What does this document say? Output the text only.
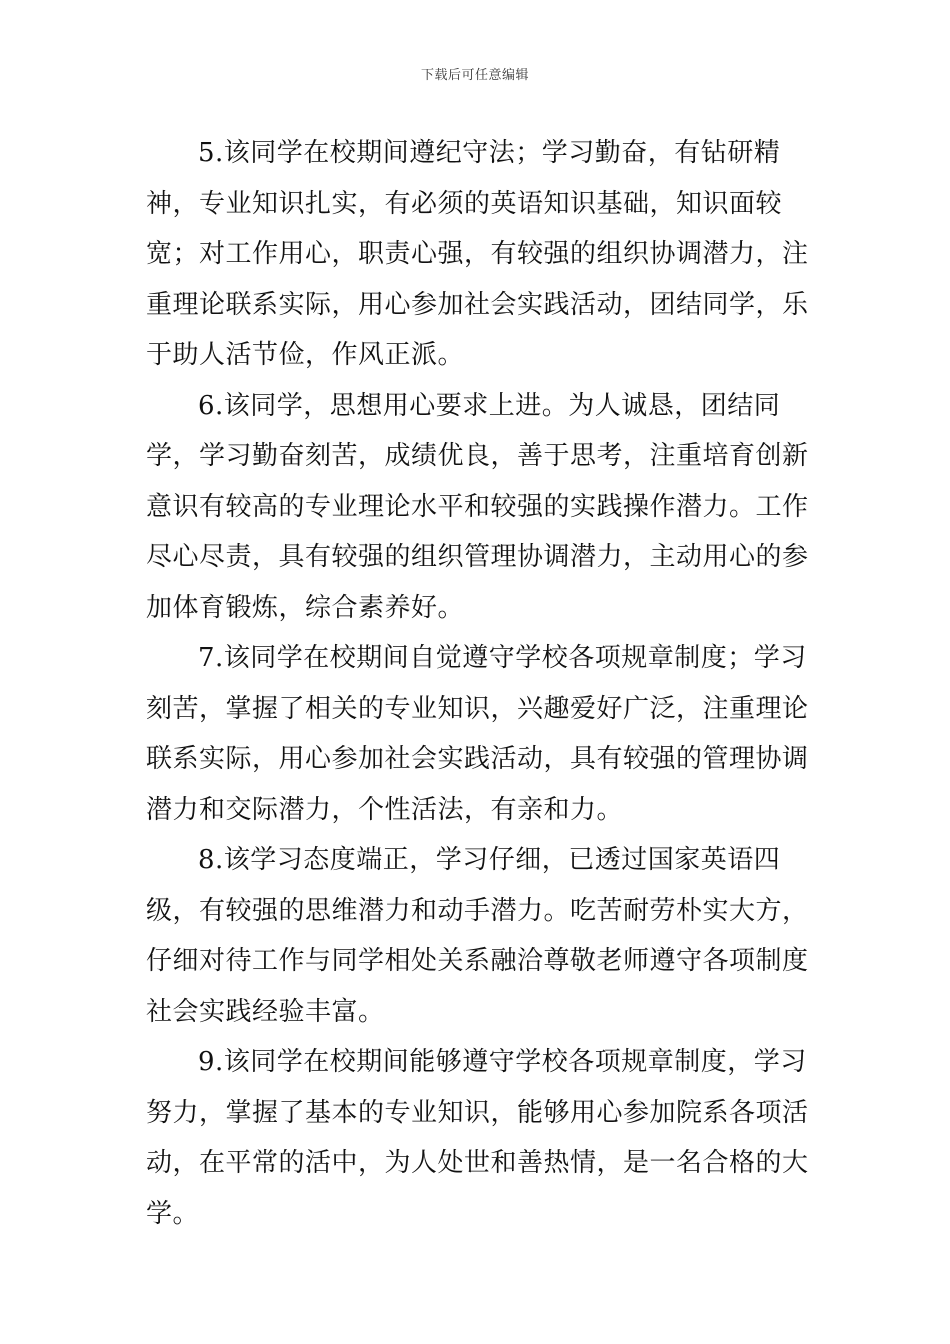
下载后可任意编辑

5.该同学在校期间遵纪守法；学习勤奋，有钻研精神，专业知识扎实，有必须的英语知识基础，知识面较宽；对工作用心，职责心强，有较强的组织协调潜力，注重理论联系实际，用心参加社会实践活动，团结同学，乐于助人活节俭，作风正派。

6.该同学，思想用心要求上进。为人诚恳，团结同学，学习勤奋刻苦，成绩优良，善于思考，注重培育创新意识有较高的专业理论水平和较强的实践操作潜力。工作尽心尽责，具有较强的组织管理协调潜力，主动用心的参加体育锻炼，综合素养好。

7.该同学在校期间自觉遵守学校各项规章制度；学习刻苦，掌握了相关的专业知识，兴趣爱好广泛，注重理论联系实际，用心参加社会实践活动，具有较强的管理协调潜力和交际潜力，个性活法，有亲和力。

8.该学习态度端正，学习仔细，已透过国家英语四级，有较强的思维潜力和动手潜力。吃苦耐劳朴实大方，仔细对待工作与同学相处关系融洽尊敬老师遵守各项制度社会实践经验丰富。

9.该同学在校期间能够遵守学校各项规章制度，学习努力，掌握了基本的专业知识，能够用心参加院系各项活动，在平常的活中，为人处世和善热情，是一名合格的大学。
